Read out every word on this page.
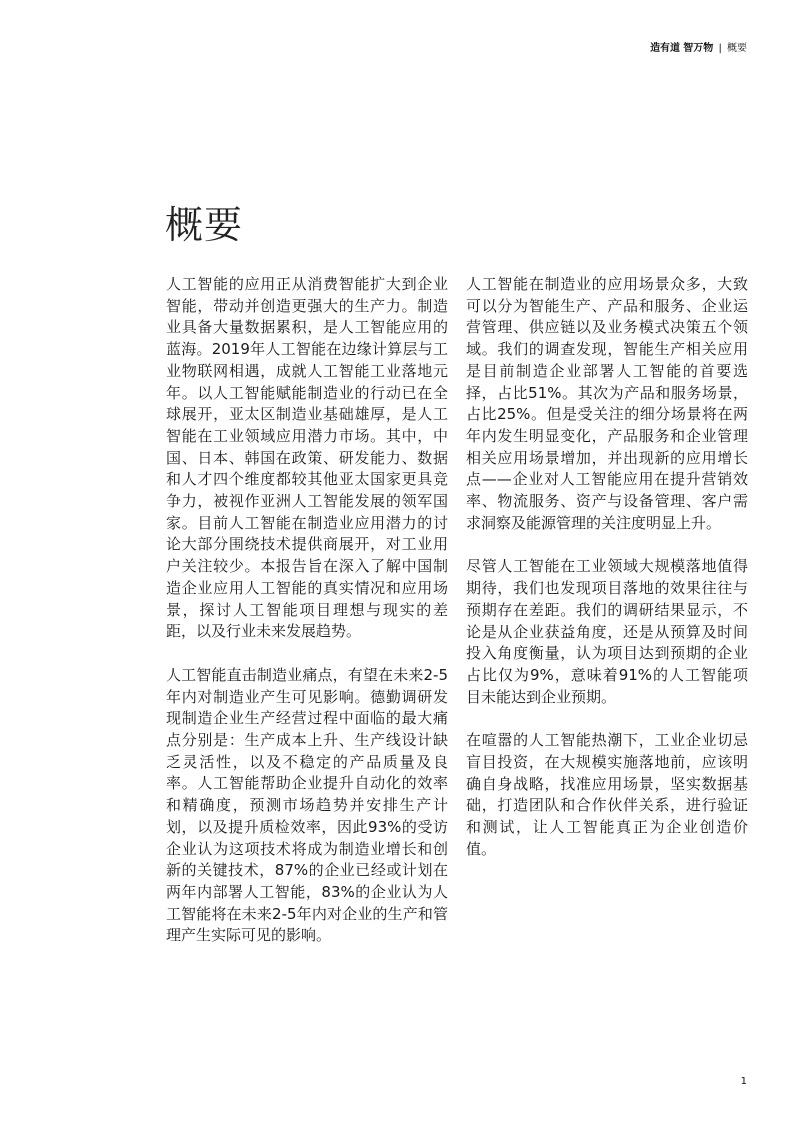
造有道 智万物 | 概要
概要

人工智能的应用正从消费智能扩大到企业智能，带动并创造更强大的生产力。制造业具备大量数据累积，是人工智能应用的蓝海。2019年人工智能在边缘计算层与工业物联网相遇，成就人工智能工业落地元年。以人工智能赋能制造业的行动已在全球展开，亚太区制造业基础雄厚，是人工智能在工业领域应用潜力市场。其中，中国、日本、韩国在政策、研发能力、数据和人才四个维度都较其他亚太国家更具竞争力，被视作亚洲人工智能发展的领军国家。目前人工智能在制造业应用潜力的讨论大部分围绕技术提供商展开，对工业用户关注较少。本报告旨在深入了解中国制造企业应用人工智能的真实情况和应用场景，探讨人工智能项目理想与现实的差距，以及行业未来发展趋势。

人工智能直击制造业痛点，有望在未来2-5年内对制造业产生可见影响。德勤调研发现制造企业生产经营过程中面临的最大痛点分别是：生产成本上升、生产线设计缺乏灵活性，以及不稳定的产品质量及良率。人工智能帮助企业提升自动化的效率和精确度，预测市场趋势并安排生产计划，以及提升质检效率，因此93%的受访企业认为这项技术将成为制造业增长和创新的关键技术，87%的企业已经或计划在两年内部署人工智能，83%的企业认为人工智能将在未来2-5年内对企业的生产和管理产生实际可见的影响。

人工智能在制造业的应用场景众多，大致可以分为智能生产、产品和服务、企业运营管理、供应链以及业务模式决策五个领域。我们的调查发现，智能生产相关应用是目前制造企业部署人工智能的首要选择，占比51%。其次为产品和服务场景，占比25%。但是受关注的细分场景将在两年内发生明显变化，产品服务和企业管理相关应用场景增加，并出现新的应用增长点——企业对人工智能应用在提升营销效率、物流服务、资产与设备管理、客户需求洞察及能源管理的关注度明显上升。

尽管人工智能在工业领域大规模落地值得期待，我们也发现项目落地的效果往往与预期存在差距。我们的调研结果显示，不论是从企业获益角度，还是从预算及时间投入角度衡量，认为项目达到预期的企业占比仅为9%，意味着91%的人工智能项目未能达到企业预期。

在喧嚣的人工智能热潮下，工业企业切忌盲目投资，在大规模实施落地前，应该明确自身战略，找准应用场景，坚实数据基础，打造团队和合作伙伴关系，进行验证和测试，让人工智能真正为企业创造价值。

1
